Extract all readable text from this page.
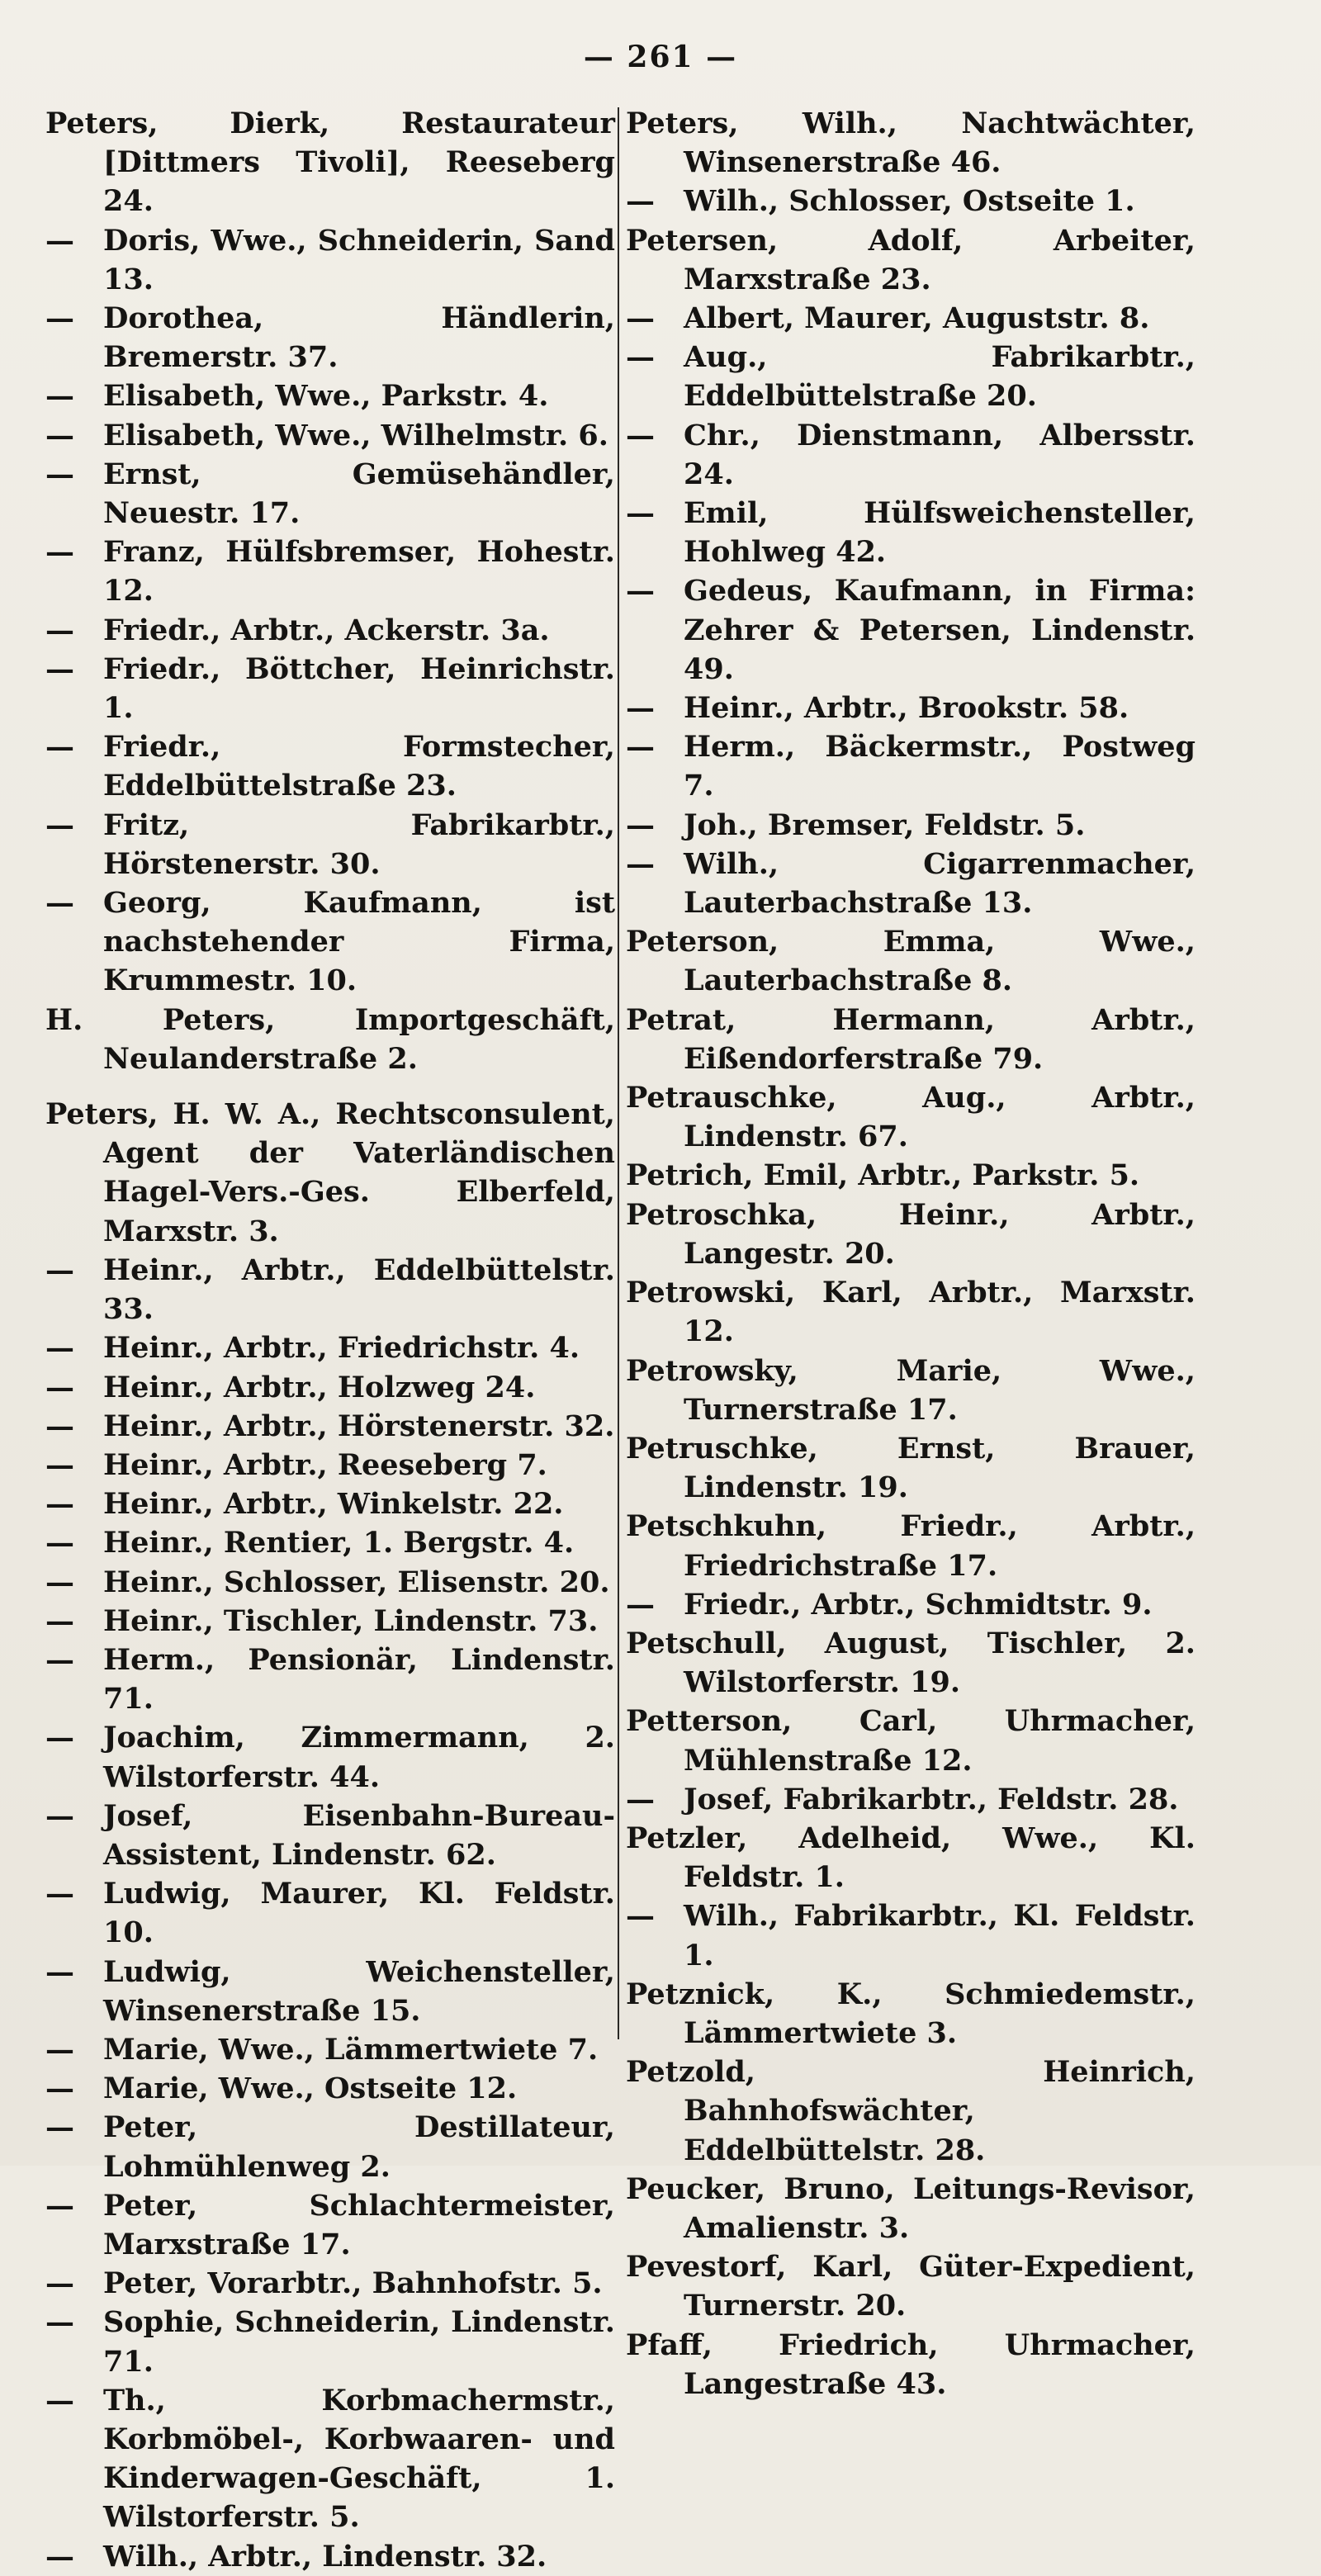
— 261 —
Peters, Dierk, Restaurateur [Dittmers Tivoli], Reeseberg 24.
— Doris, Wwe., Schneiderin, Sand 13.
— Dorothea, Händlerin, Bremerstr. 37.
— Elisabeth, Wwe., Parkstr. 4.
— Elisabeth, Wwe., Wilhelmstr. 6.
— Ernst, Gemüsehändler, Neuestr. 17.
— Franz, Hülfsbremser, Hohestr. 12.
— Friedr., Arbtr., Ackerstr. 3a.
— Friedr., Böttcher, Heinrichstr. 1.
— Friedr., Formstecher, Eddelbüttelstraße 23.
— Fritz, Fabrikarbtr., Hörstenerstr. 30.
— Georg, Kaufmann, ist nachstehender Firma, Krummestr. 10.
H. Peters, Importgeschäft, Neulanderstraße 2.
Peters, H. W. A., Rechtsconsulent, Agent der Vaterländischen Hagel-Vers.-Ges. Elberfeld, Marxstr. 3.
— Heinr., Arbtr., Eddelbüttelstr. 33.
— Heinr., Arbtr., Friedrichstr. 4.
— Heinr., Arbtr., Holzweg 24.
— Heinr., Arbtr., Hörstenerstr. 32.
— Heinr., Arbtr., Reeseberg 7.
— Heinr., Arbtr., Winkelstr. 22.
— Heinr., Rentier, 1. Bergstr. 4.
— Heinr., Schlosser, Elisenstr. 20.
— Heinr., Tischler, Lindenstr. 73.
— Herm., Pensionär, Lindenstr. 71.
— Joachim, Zimmermann, 2. Wilstorferstr. 44.
— Josef, Eisenbahn-Bureau-Assistent, Lindenstr. 62.
— Ludwig, Maurer, Kl. Feldstr. 10.
— Ludwig, Weichensteller, Winsenerstraße 15.
— Marie, Wwe., Lämmertwiete 7.
— Marie, Wwe., Ostseite 12.
— Peter, Destillateur, Lohmühlenweg 2.
— Peter, Schlachtermeister, Marxstraße 17.
— Peter, Vorarbtr., Bahnhofstr. 5.
— Sophie, Schneiderin, Lindenstr. 71.
— Th., Korbmachermstr., Korbmöbel-, Korbwaaren- und Kinderwagen-Geschäft, 1. Wilstorferstr. 5.
— Wilh., Arbtr., Lindenstr. 32.
Peters, Wilh., Nachtwächter, Winsenerstraße 46.
— Wilh., Schlosser, Ostseite 1.
Petersen, Adolf, Arbeiter, Marxstraße 23.
— Albert, Maurer, Auguststr. 8.
— Aug., Fabrikarbtr., Eddelbüttelstraße 20.
— Chr., Dienstmann, Albersstr. 24.
— Emil, Hülfsweichensteller, Hohlweg 42.
— Gedeus, Kaufmann, in Firma: Zehrer & Petersen, Lindenstr. 49.
— Heinr., Arbtr., Brookstr. 58.
— Herm., Bäckermstr., Postweg 7.
— Joh., Bremser, Feldstr. 5.
— Wilh., Cigarrenmacher, Lauterbachstraße 13.
Peterson, Emma, Wwe., Lauterbachstraße 8.
Petrat, Hermann, Arbtr., Eißendorferstraße 79.
Petrauschke, Aug., Arbtr., Lindenstr. 67.
Petrich, Emil, Arbtr., Parkstr. 5.
Petroschka, Heinr., Arbtr., Langestr. 20.
Petrowski, Karl, Arbtr., Marxstr. 12.
Petrowsky, Marie, Wwe., Turnerstraße 17.
Petruschke, Ernst, Brauer, Lindenstr. 19.
Petschkuhn, Friedr., Arbtr., Friedrichstraße 17.
— Friedr., Arbtr., Schmidtstr. 9.
Petschull, August, Tischler, 2. Wilstorferstr. 19.
Petterson, Carl, Uhrmacher, Mühlenstraße 12.
— Josef, Fabrikarbtr., Feldstr. 28.
Petzler, Adelheid, Wwe., Kl. Feldstr. 1.
— Wilh., Fabrikarbtr., Kl. Feldstr. 1.
Petznick, K., Schmiedemstr., Lämmertwiete 3.
Petzold, Heinrich, Bahnhofswächter, Eddelbüttelstr. 28.
Peucker, Bruno, Leitungs-Revisor, Amalienstr. 3.
Pevestorf, Karl, Güter-Expedient, Turnerstr. 20.
Pfaff, Friedrich, Uhrmacher, Langestraße 43.
